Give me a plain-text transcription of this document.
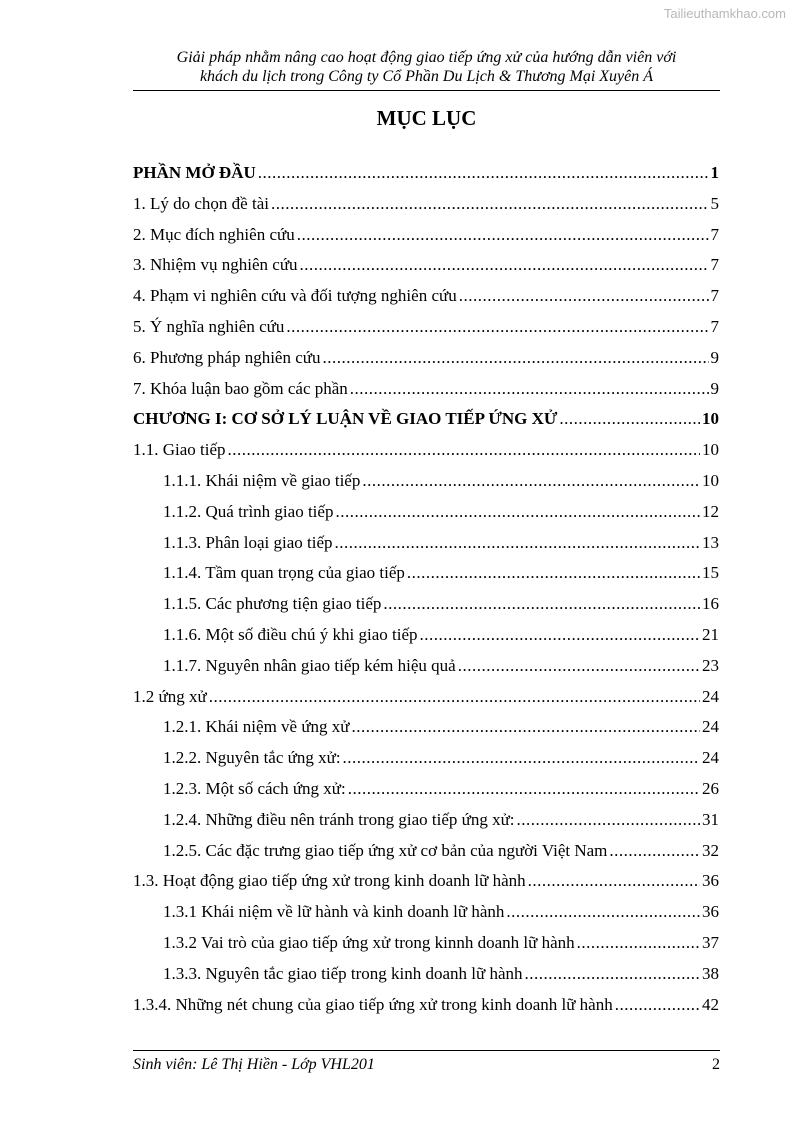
Tailieuthamkhao.com
Giải pháp nhằm nâng cao hoạt động giao tiếp ứng xử của hướng dẫn viên với
khách du lịch trong Công ty Cổ Phần Du Lịch & Thương Mại Xuyên Á
MỤC LỤC
PHẦN MỞ ĐẦU .....	1
1. Lý do chọn đề tài .....	5
2. Mục đích nghiên cứu .....	7
3. Nhiệm vụ nghiên cứu .....	7
4. Phạm vi nghiên cứu và đối tượng nghiên cứu .....	7
5. Ý nghĩa nghiên cứu .....	7
6. Phương pháp nghiên cứu .....	9
7. Khóa luận bao gồm các phần .....	9
CHƯƠNG I: CƠ SỞ LÝ LUẬN VỀ GIAO TIẾP ỨNG XỬ .....	10
1.1. Giao tiếp .....	10
1.1.1. Khái niệm về giao tiếp .....	10
1.1.2. Quá trình giao tiếp .....	12
1.1.3. Phân loại giao tiếp .....	13
1.1.4. Tầm quan trọng của giao tiếp .....	15
1.1.5. Các phương tiện giao tiếp .....	16
1.1.6. Một số điều chú ý khi giao tiếp .....	21
1.1.7. Nguyên nhân giao tiếp kém hiệu quả .....	23
1.2 ứng xử .....	24
1.2.1. Khái niệm về ứng xử .....	24
1.2.2. Nguyên tắc ứng xử: .....	24
1.2.3. Một số cách ứng xử: .....	26
1.2.4. Những điều nên tránh trong giao tiếp ứng xử: .....	31
1.2.5. Các đặc trưng giao tiếp ứng xử cơ bản của người Việt Nam .....	32
1.3. Hoạt động giao tiếp ứng xử trong kinh doanh lữ hành .....	36
1.3.1 Khái niệm về lữ hành và kinh doanh lữ hành .....	36
1.3.2 Vai trò của giao tiếp ứng xử trong kinnh doanh lữ hành .....	37
1.3.3. Nguyên tắc giao tiếp trong kinh doanh lữ hành .....	38
1.3.4. Những nét chung của giao tiếp ứng xử trong kinh doanh lữ hành .....	42
Sinh viên: Lê Thị Hiền - Lớp VHL201	2
